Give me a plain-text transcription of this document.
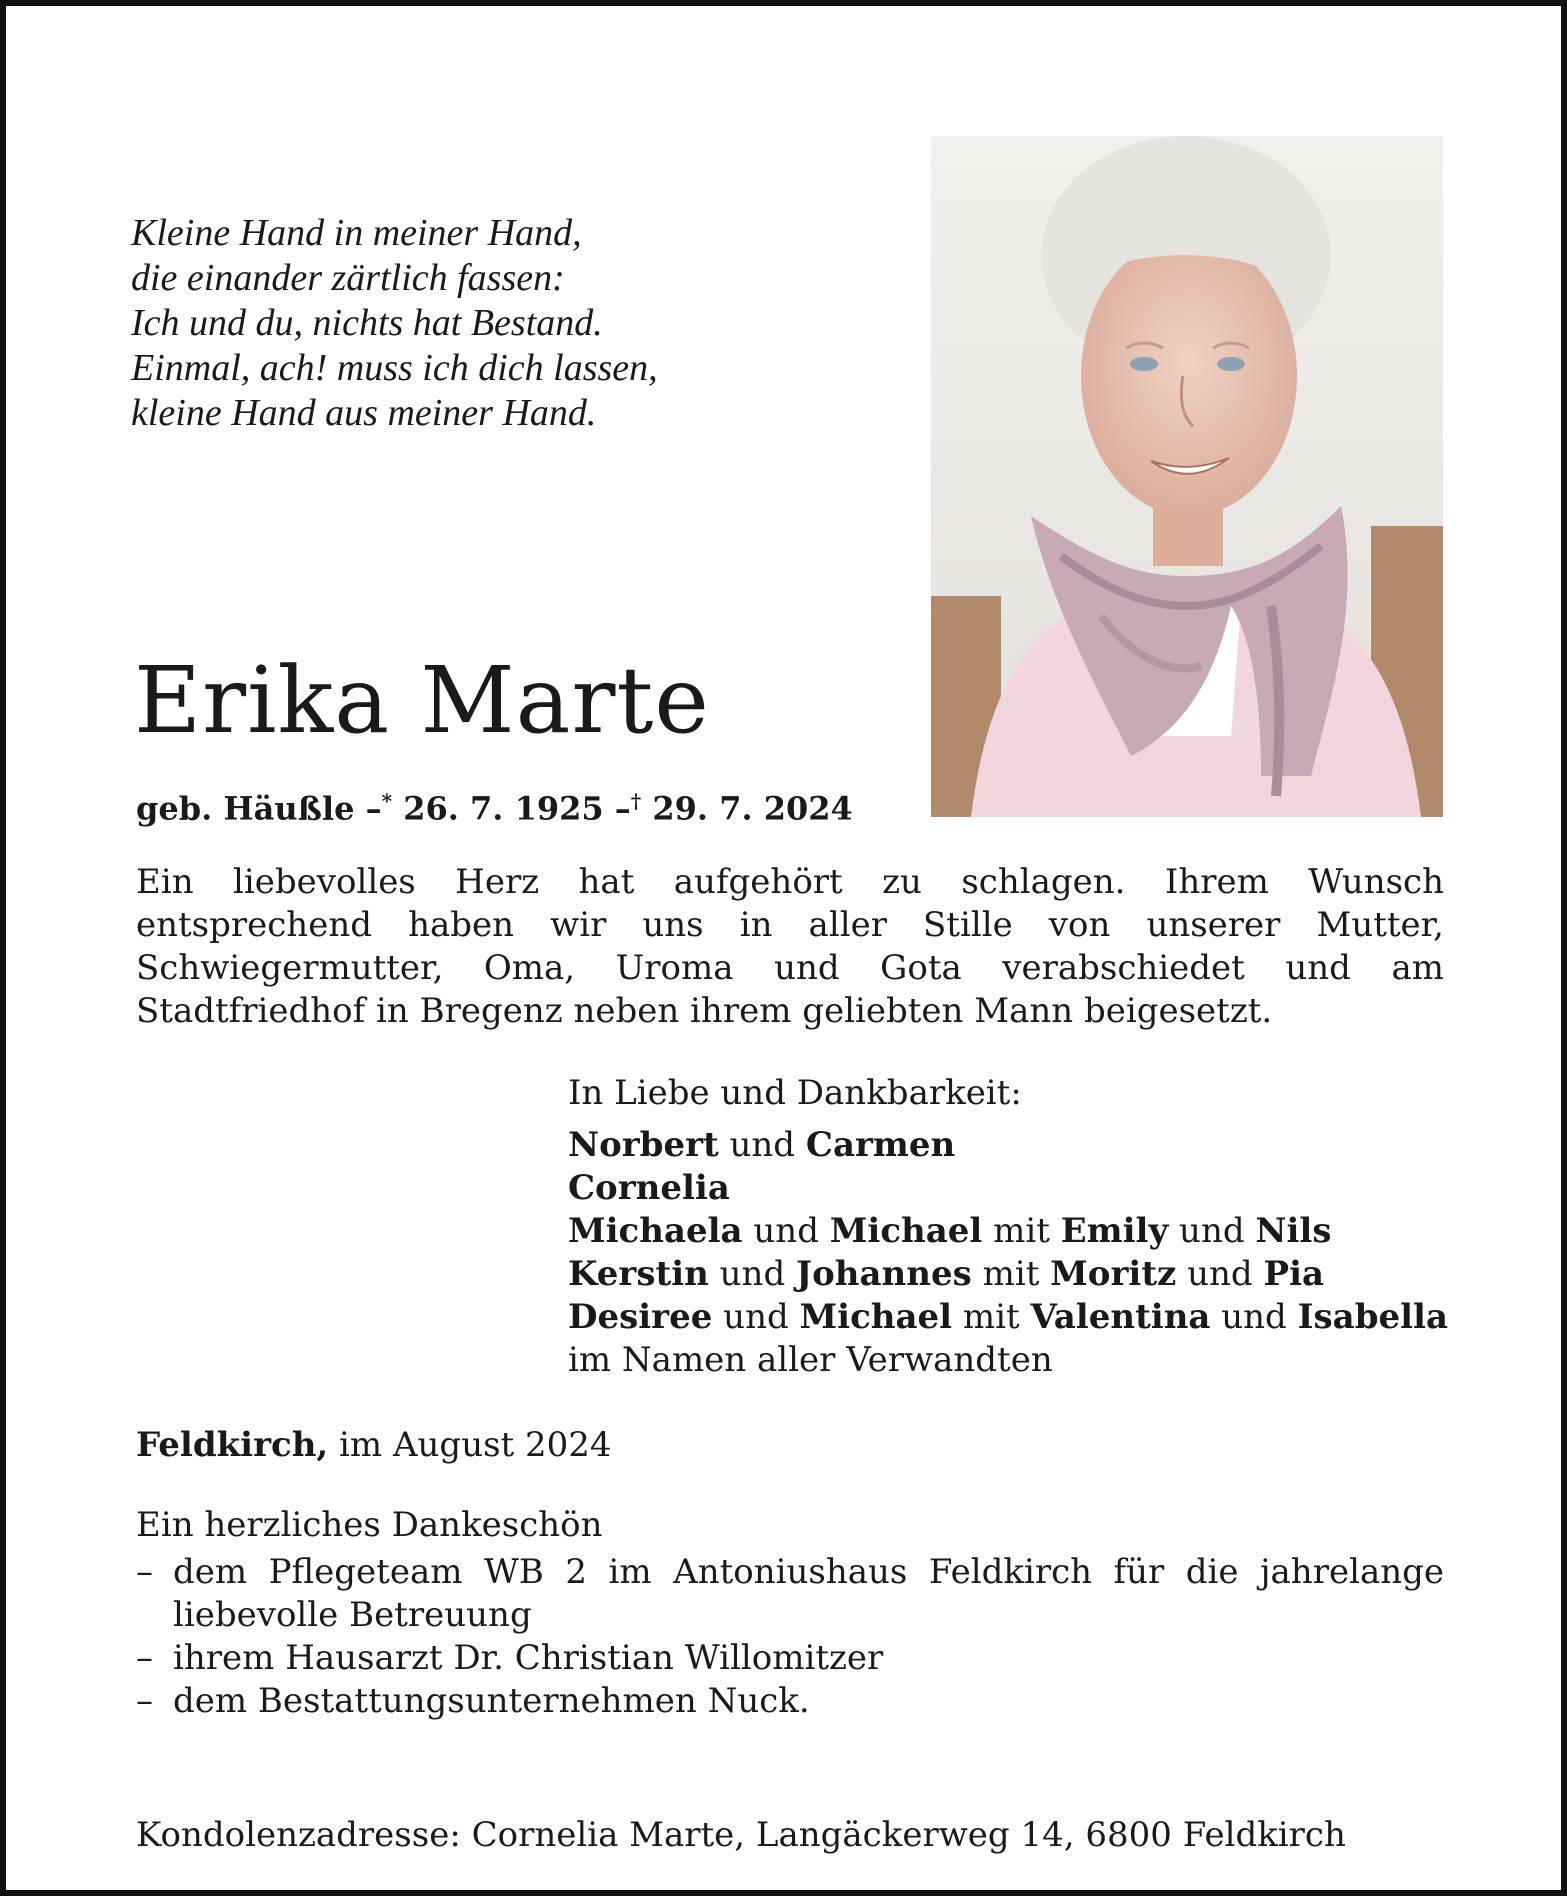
Kleine Hand in meiner Hand,
die einander zärtlich fassen:
Ich und du, nichts hat Bestand.
Einmal, ach! muss ich dich lassen,
kleine Hand aus meiner Hand.
Erika Marte
geb. Häußle –* 26. 7. 1925 –† 29. 7. 2024
Ein liebevolles Herz hat aufgehört zu schlagen. Ihrem Wunsch entsprechend haben wir uns in aller Stille von unserer Mutter, Schwiegermutter, Oma, Uroma und Gota verabschiedet und am Stadtfriedhof in Bregenz neben ihrem geliebten Mann beigesetzt.
In Liebe und Dankbarkeit:
Norbert und Carmen
Cornelia
Michaela und Michael mit Emily und Nils
Kerstin und Johannes mit Moritz und Pia
Desiree und Michael mit Valentina und Isabella
im Namen aller Verwandten
Feldkirch, im August 2024
Ein herzliches Dankeschön
– dem Pflegeteam WB 2 im Antoniushaus Feldkirch für die jahrelange liebevolle Betreuung
– ihrem Hausarzt Dr. Christian Willomitzer
– dem Bestattungsunternehmen Nuck.
Kondolenzadresse: Cornelia Marte, Langäckerweg 14, 6800 Feldkirch
